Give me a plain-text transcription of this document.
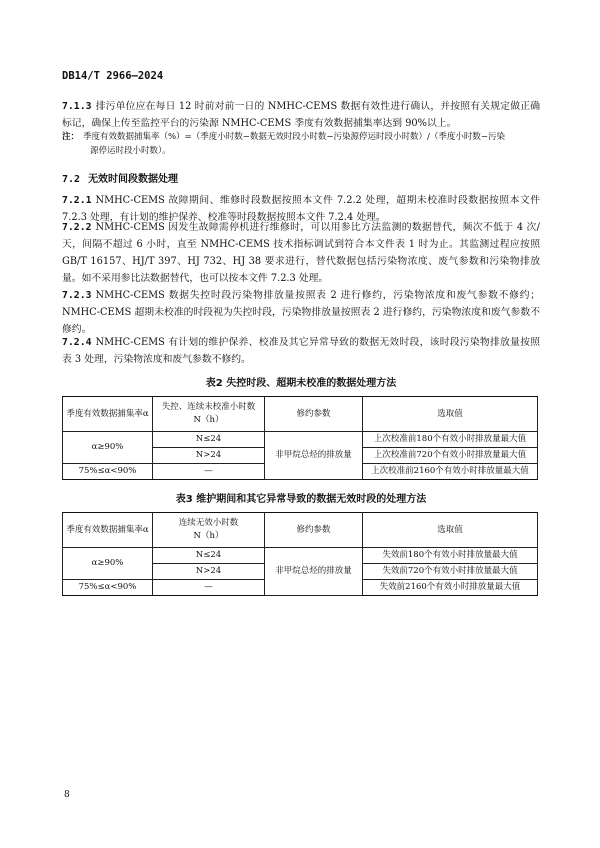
DB14/T 2966—2024

7.1.3 排污单位应在每日 12 时前对前一日的 NMHC-CEMS 数据有效性进行确认，并按照有关规定做正确标记，确保上传至监控平台的污染源 NMHC-CEMS 季度有效数据捕集率达到 90%以上。

注： 季度有效数据捕集率（%）=（季度小时数−数据无效时段小时数−污染源停运时段小时数）/（季度小时数−污染
源停运时段小时数）。

7.2 无效时间段数据处理

7.2.1 NMHC-CEMS 故障期间、维修时段数据按照本文件 7.2.2 处理，超期未校准时段数据按照本文件 7.2.3 处理，有计划的维护保养、校准等时段数据按照本文件 7.2.4 处理。

7.2.2 NMHC-CEMS 因发生故障需停机进行维修时，可以用参比方法监测的数据替代，频次不低于 4 次/天，间隔不超过 6 小时，直至 NMHC-CEMS 技术指标调试到符合本文件表 1 时为止。其监测过程应按照 GB/T 16157、HJ/T 397、HJ 732、HJ 38 要求进行，替代数据包括污染物浓度、废气参数和污染物排放量。如不采用参比法数据替代，也可以按本文件 7.2.3 处理。

7.2.3 NMHC-CEMS 数据失控时段污染物排放量按照表 2 进行修约，污染物浓度和废气参数不修约；NMHC-CEMS 超期未校准的时段视为失控时段，污染物排放量按照表 2 进行修约，污染物浓度和废气参数不修约。

7.2.4 NMHC-CEMS 有计划的维护保养、校准及其它异常导致的数据无效时段，该时段污染物排放量按照表 3 处理，污染物浓度和废气参数不修约。

表2 失控时段、超期未校准的数据处理方法

季度有效数据捕集率α	失控、连续未校准小时数
N（h）	修约参数	选取值
α≥90%	N≤24	非甲烷总烃的排放量	上次校准前180个有效小时排放量最大值
	N>24		上次校准前720个有效小时排放量最大值
75%≤α<90%	—		上次校准前2160个有效小时排放量最大值

表3 维护期间和其它异常导致的数据无效时段的处理方法

季度有效数据捕集率α	连续无效小时数
N（h）	修约参数	选取值
α≥90%	N≤24	非甲烷总烃的排放量	失效前180个有效小时排放量最大值
	N>24		失效前720个有效小时排放量最大值
75%≤α<90%	—		失效前2160个有效小时排放量最大值
8
